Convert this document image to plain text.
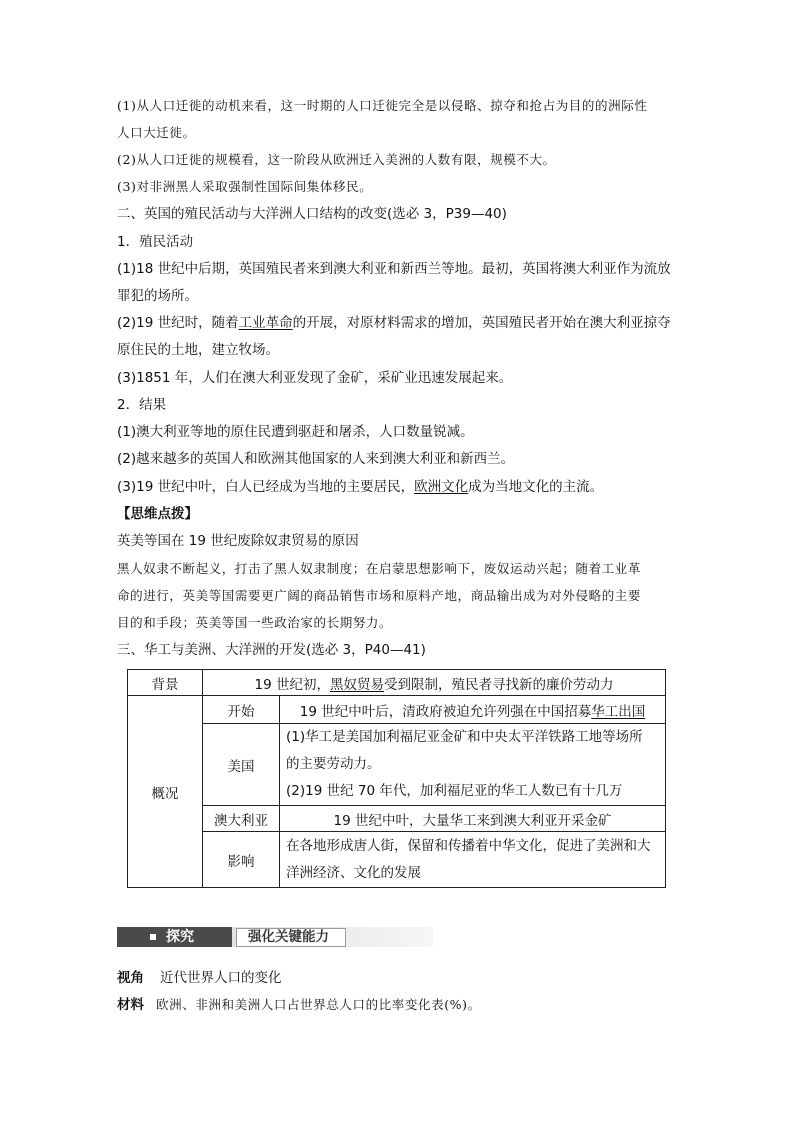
(1)从人口迁徙的动机来看，这一时期的人口迁徙完全是以侵略、掠夺和抢占为目的的洲际性
人口大迁徙。
(2)从人口迁徙的规模看，这一阶段从欧洲迁入美洲的人数有限，规模不大。
(3)对非洲黑人采取强制性国际间集体移民。
二、英国的殖民活动与大洋洲人口结构的改变(选必 3，P39—40)
1．殖民活动
(1)18 世纪中后期，英国殖民者来到澳大利亚和新西兰等地。最初，英国将澳大利亚作为流放
罪犯的场所。
(2)19 世纪时，随着工业革命的开展，对原材料需求的增加，英国殖民者开始在澳大利亚掠夺
原住民的土地，建立牧场。
(3)1851 年，人们在澳大利亚发现了金矿，采矿业迅速发展起来。
2．结果
(1)澳大利亚等地的原住民遭到驱赶和屠杀，人口数量锐减。
(2)越来越多的英国人和欧洲其他国家的人来到澳大利亚和新西兰。
(3)19 世纪中叶，白人已经成为当地的主要居民，欧洲文化成为当地文化的主流。
【思维点拨】
英美等国在 19 世纪废除奴隶贸易的原因
黑人奴隶不断起义，打击了黑人奴隶制度；在启蒙思想影响下，废奴运动兴起；随着工业革
命的进行，英美等国需要更广阔的商品销售市场和原料产地，商品输出成为对外侵略的主要
目的和手段；英美等国一些政治家的长期努力。
三、华工与美洲、大洋洲的开发(选必 3，P40—41)
背景	19 世纪初，黑奴贸易受到限制，殖民者寻找新的廉价劳动力	
概况	开始	19 世纪中叶后，清政府被迫允许列强在中国招募华工出国
	美国	(1)华工是美国加利福尼亚金矿和中央太平洋铁路工地等场所
的主要劳动力。
(2)19 世纪 70 年代，加利福尼亚的华工人数已有十几万

	澳大利亚	19 世纪中叶，大量华工来到澳大利亚开采金矿
	影响	在各地形成唐人街，保留和传播着中华文化，促进了美洲和大
洋洲经济、文化的发展
探究	强化关键能力
视角 近代世界人口的变化
材料 欧洲、非洲和美洲人口占世界总人口的比率变化表(%)。
